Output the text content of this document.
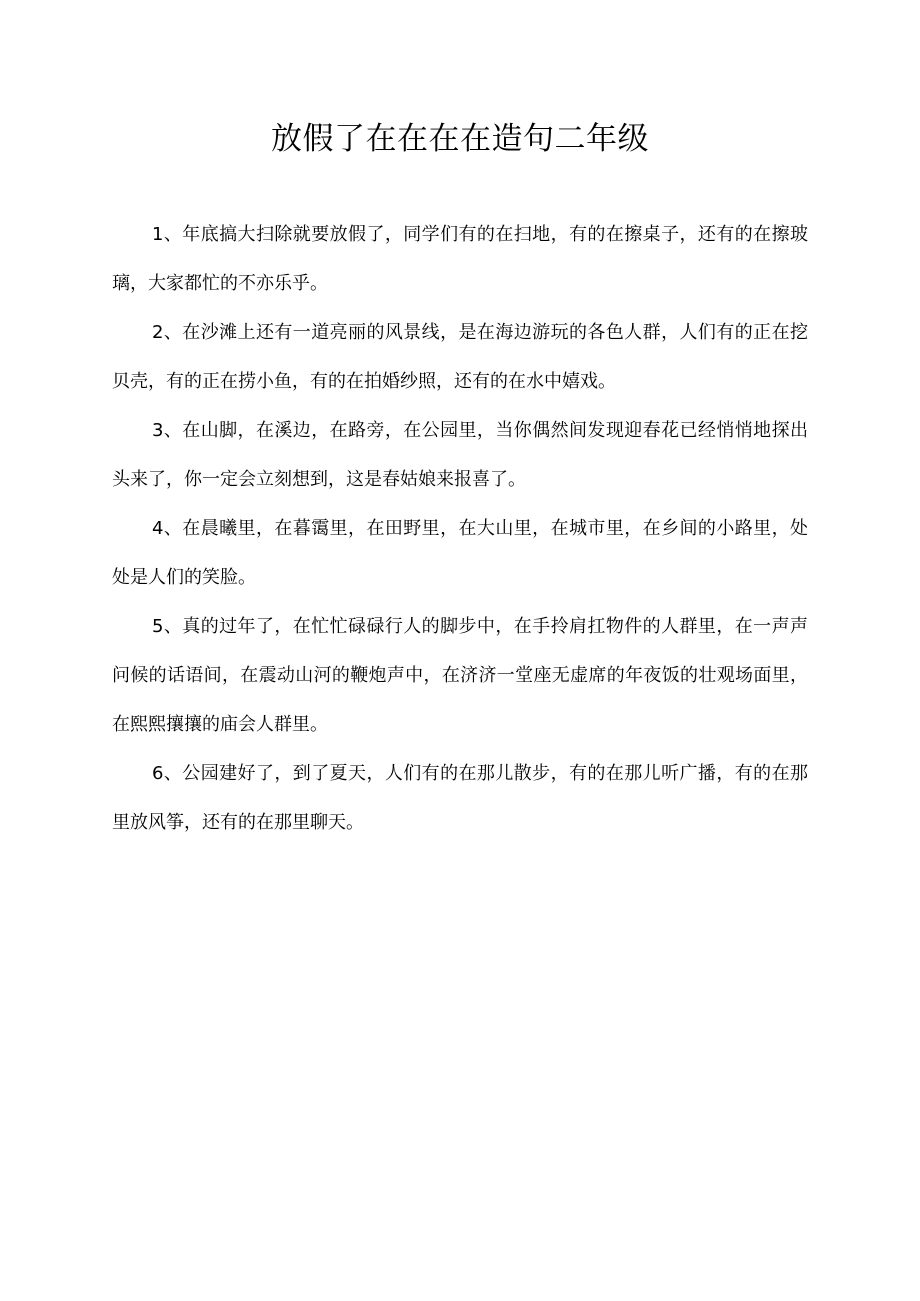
放假了在在在在造句二年级

1、年底搞大扫除就要放假了，同学们有的在扫地，有的在擦桌子，还有的在擦玻璃，大家都忙的不亦乐乎。

2、在沙滩上还有一道亮丽的风景线，是在海边游玩的各色人群，人们有的正在挖贝壳，有的正在捞小鱼，有的在拍婚纱照，还有的在水中嬉戏。

3、在山脚，在溪边，在路旁，在公园里，当你偶然间发现迎春花已经悄悄地探出头来了，你一定会立刻想到，这是春姑娘来报喜了。

4、在晨曦里，在暮霭里，在田野里，在大山里，在城市里，在乡间的小路里，处处是人们的笑脸。

5、真的过年了，在忙忙碌碌行人的脚步中，在手拎肩扛物件的人群里，在一声声问候的话语间，在震动山河的鞭炮声中，在济济一堂座无虚席的年夜饭的壮观场面里，在熙熙攘攘的庙会人群里。

6、公园建好了，到了夏天，人们有的在那儿散步，有的在那儿听广播，有的在那里放风筝，还有的在那里聊天。
